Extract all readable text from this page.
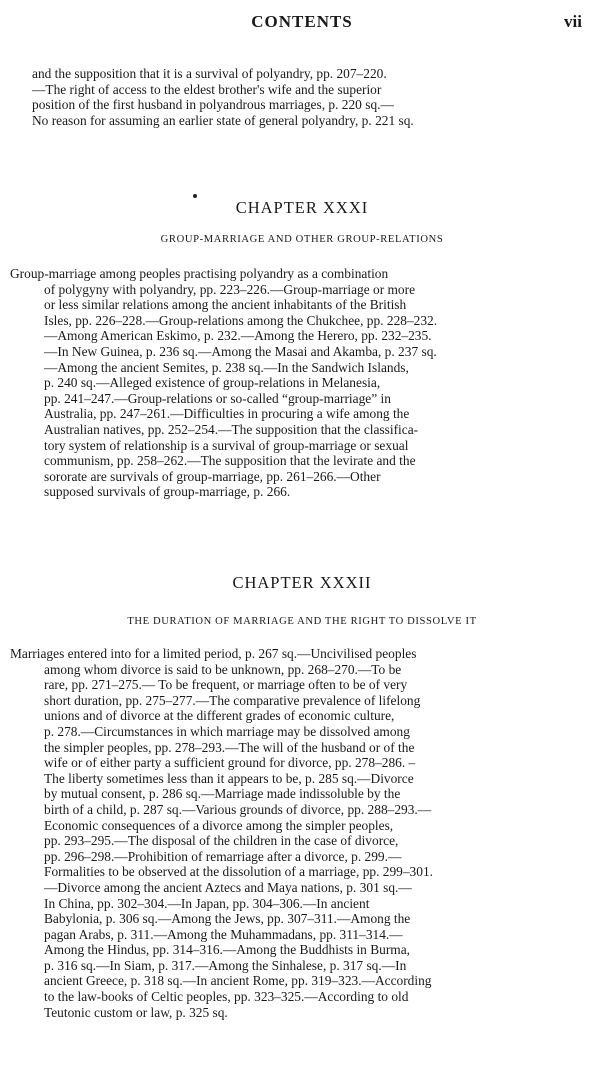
CONTENTS	vii
and the supposition that it is a survival of polyandry, pp. 207–220.
—The right of access to the eldest brother's wife and the superior
position of the first husband in polyandrous marriages, p. 220 sq.—
No reason for assuming an earlier state of general polyandry, p. 221 sq.
CHAPTER XXXI
GROUP-MARRIAGE AND OTHER GROUP-RELATIONS
Group-marriage among peoples practising polyandry as a combination
of polygyny with polyandry, pp. 223–226.—Group-marriage or more
or less similar relations among the ancient inhabitants of the British
Isles, pp. 226–228.—Group-relations among the Chukchee, pp. 228–232.
—Among American Eskimo, p. 232.—Among the Herero, pp. 232–235.
—In New Guinea, p. 236 sq.—Among the Masai and Akamba, p. 237 sq.
—Among the ancient Semites, p. 238 sq.—In the Sandwich Islands,
p. 240 sq.—Alleged existence of group-relations in Melanesia,
pp. 241–247.—Group-relations or so-called “group-marriage” in
Australia, pp. 247–261.—Difficulties in procuring a wife among the
Australian natives, pp. 252–254.—The supposition that the classifica-
tory system of relationship is a survival of group-marriage or sexual
communism, pp. 258–262.—The supposition that the levirate and the
sororate are survivals of group-marriage, pp. 261–266.—Other
supposed survivals of group-marriage, p. 266.
CHAPTER XXXII
THE DURATION OF MARRIAGE AND THE RIGHT TO DISSOLVE IT
Marriages entered into for a limited period, p. 267 sq.—Uncivilised peoples
among whom divorce is said to be unknown, pp. 268–270.—To be
rare, pp. 271–275.— To be frequent, or marriage often to be of very
short duration, pp. 275–277.—The comparative prevalence of lifelong
unions and of divorce at the different grades of economic culture,
p. 278.—Circumstances in which marriage may be dissolved among
the simpler peoples, pp. 278–293.—The will of the husband or of the
wife or of either party a sufficient ground for divorce, pp. 278–286. –
The liberty sometimes less than it appears to be, p. 285 sq.—Divorce
by mutual consent, p. 286 sq.—Marriage made indissoluble by the
birth of a child, p. 287 sq.—Various grounds of divorce, pp. 288–293.—
Economic consequences of a divorce among the simpler peoples,
pp. 293–295.—The disposal of the children in the case of divorce,
pp. 296–298.—Prohibition of remarriage after a divorce, p. 299.—
Formalities to be observed at the dissolution of a marriage, pp. 299–301.
—Divorce among the ancient Aztecs and Maya nations, p. 301 sq.—
In China, pp. 302–304.—In Japan, pp. 304–306.—In ancient
Babylonia, p. 306 sq.—Among the Jews, pp. 307–311.—Among the
pagan Arabs, p. 311.—Among the Muhammadans, pp. 311–314.—
Among the Hindus, pp. 314–316.—Among the Buddhists in Burma,
p. 316 sq.—In Siam, p. 317.—Among the Sinhalese, p. 317 sq.—In
ancient Greece, p. 318 sq.—In ancient Rome, pp. 319–323.—According
to the law-books of Celtic peoples, pp. 323–325.—According to old
Teutonic custom or law, p. 325 sq.
